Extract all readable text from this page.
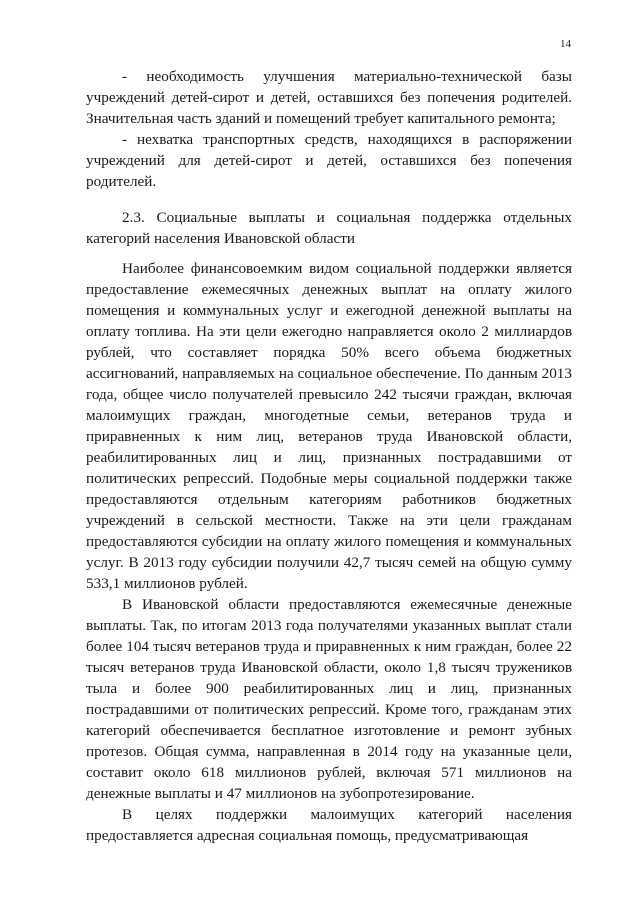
14

- необходимость улучшения материально-технической базы учреждений детей-сирот и детей, оставшихся без попечения родителей. Значительная часть зданий и помещений требует капитального ремонта;

- нехватка транспортных средств, находящихся в распоряжении учреждений для детей-сирот и детей, оставшихся без попечения родителей.

2.3. Социальные выплаты и социальная поддержка отдельных категорий населения Ивановской области

Наиболее финансовоемким видом социальной поддержки является предоставление ежемесячных денежных выплат на оплату жилого помещения и коммунальных услуг и ежегодной денежной выплаты на оплату топлива. На эти цели ежегодно направляется около 2 миллиардов рублей, что составляет порядка 50% всего объема бюджетных ассигнований, направляемых на социальное обеспечение. По данным 2013 года, общее число получателей превысило 242 тысячи граждан, включая малоимущих граждан, многодетные семьи, ветеранов труда и приравненных к ним лиц, ветеранов труда Ивановской области, реабилитированных лиц и лиц, признанных пострадавшими от политических репрессий. Подобные меры социальной поддержки также предоставляются отдельным категориям работников бюджетных учреждений в сельской местности. Также на эти цели гражданам предоставляются субсидии на оплату жилого помещения и коммунальных услуг. В 2013 году субсидии получили 42,7 тысяч семей на общую сумму 533,1 миллионов рублей.

В Ивановской области предоставляются ежемесячные денежные выплаты. Так, по итогам 2013 года получателями указанных выплат стали более 104 тысяч ветеранов труда и приравненных к ним граждан, более 22 тысяч ветеранов труда Ивановской области, около 1,8 тысяч тружеников тыла и более 900 реабилитированных лиц и лиц, признанных пострадавшими от политических репрессий. Кроме того, гражданам этих категорий обеспечивается бесплатное изготовление и ремонт зубных протезов. Общая сумма, направленная в 2014 году на указанные цели, составит около 618 миллионов рублей, включая 571 миллионов на денежные выплаты и 47 миллионов на зубопротезирование.

В целях поддержки малоимущих категорий населения предоставляется адресная социальная помощь, предусматривающая
